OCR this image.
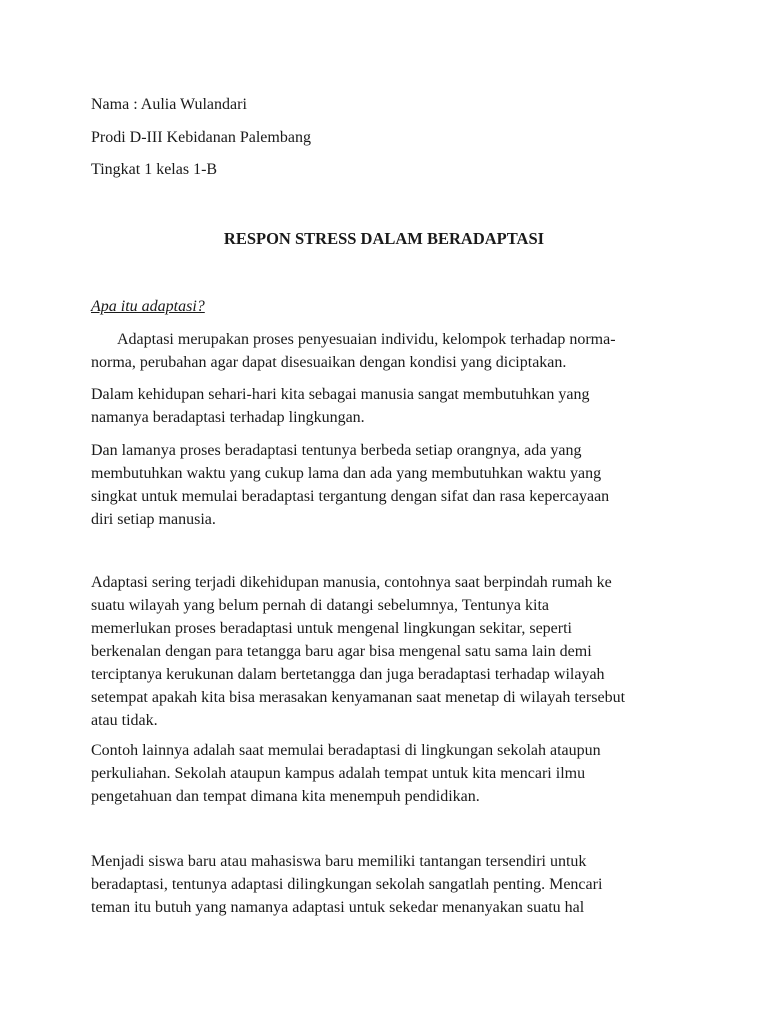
Nama : Aulia Wulandari
Prodi D-III Kebidanan Palembang
Tingkat 1 kelas 1-B
RESPON STRESS DALAM BERADAPTASI
Apa itu adaptasi?
Adaptasi merupakan proses penyesuaian individu, kelompok terhadap norma-
norma, perubahan agar dapat disesuaikan dengan kondisi yang diciptakan.
Dalam kehidupan sehari-hari kita sebagai manusia sangat membutuhkan yang
namanya beradaptasi terhadap lingkungan.
Dan lamanya proses beradaptasi tentunya berbeda setiap orangnya, ada yang
membutuhkan waktu yang cukup lama dan ada yang membutuhkan waktu yang
singkat untuk memulai beradaptasi tergantung dengan sifat dan rasa kepercayaan
diri setiap manusia.
Adaptasi sering terjadi dikehidupan manusia, contohnya saat berpindah rumah ke
suatu wilayah yang belum pernah di datangi sebelumnya, Tentunya kita
memerlukan proses beradaptasi untuk mengenal lingkungan sekitar, seperti
berkenalan dengan para tetangga baru agar bisa mengenal satu sama lain demi
terciptanya kerukunan dalam bertetangga dan juga beradaptasi terhadap wilayah
setempat apakah kita bisa merasakan kenyamanan saat menetap di wilayah tersebut
atau tidak.
Contoh lainnya adalah saat memulai beradaptasi di lingkungan sekolah ataupun
perkuliahan. Sekolah ataupun kampus adalah tempat untuk kita mencari ilmu
pengetahuan dan tempat dimana kita menempuh pendidikan.
Menjadi siswa baru atau mahasiswa baru memiliki tantangan tersendiri untuk
beradaptasi, tentunya adaptasi dilingkungan sekolah sangatlah penting. Mencari
teman itu butuh yang namanya adaptasi untuk sekedar menanyakan suatu hal
